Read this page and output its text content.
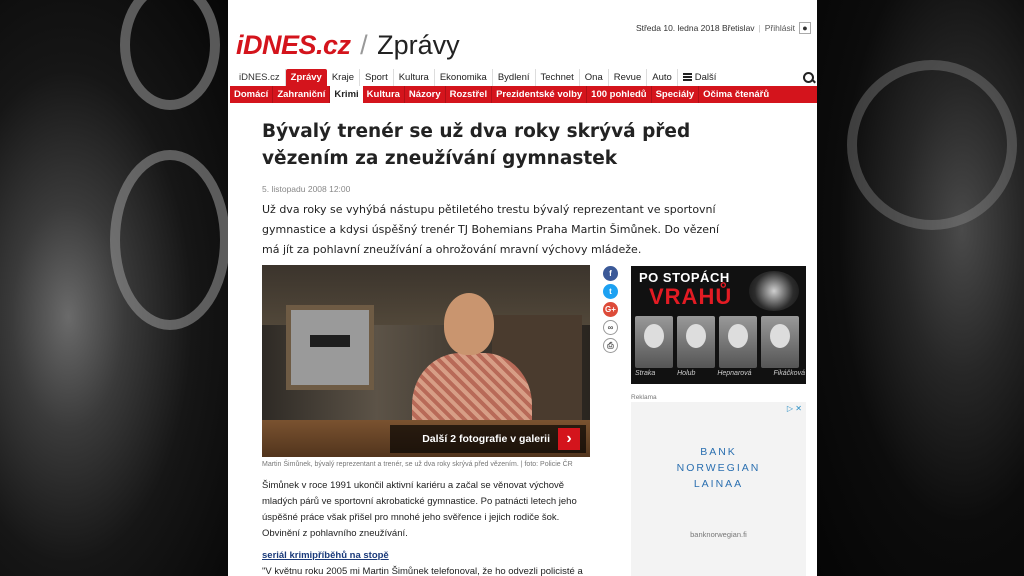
iDNES.cz / Zprávy
Středa 10. ledna 2018 Břetislav | Přihlásit ●
iDNES.cz	Zprávy	Kraje	Sport	Kultura	Ekonomika	Bydlení	Technet	Ona	Revue	Auto	Další
Domácí Zahraniční Krimi Kultura Názory Rozstřel Prezidentské volby 100 pohledů Speciály Očima čtenářů
Bývalý trenér se už dva roky skrývá před vězením za zneužívání gymnastek
5. listopadu 2008 12:00

Už dva roky se vyhýbá nástupu pětiletého trestu bývalý reprezentant ve sportovní gymnastice a kdysi úspěšný trenér TJ Bohemians Praha Martin Šimůnek. Do vězení má jít za pohlavní zneužívání a ohrožování mravní výchovy mládeže.

Další 2 fotografie v galerii	›
Martin Šimůnek, bývalý reprezentant a trenér, se už dva roky skrývá před vězením. | foto: Policie ČR

Šimůnek v roce 1991 ukončil aktivní kariéru a začal se věnovat výchově mladých párů ve sportovní akrobatické gymnastice. Po patnácti letech jeho úspěšné práce však přišel pro mnohé jeho svěřence i jejich rodiče šok. Obvinění z pohlavního zneužívání.

seriál krimipříběhů na stopě

"V květnu roku 2005 mi Martin Šimůnek telefonoval, že ho odvezli policisté a

f
t
G+
∞
⎙
PO STOPÁCH
VRAHŮ
Straka	Holub	Hepnarová	Fikáčková
Reklama
▷ ✕
BANK
NORWEGIAN
LAINAA
banknorwegian.fi
